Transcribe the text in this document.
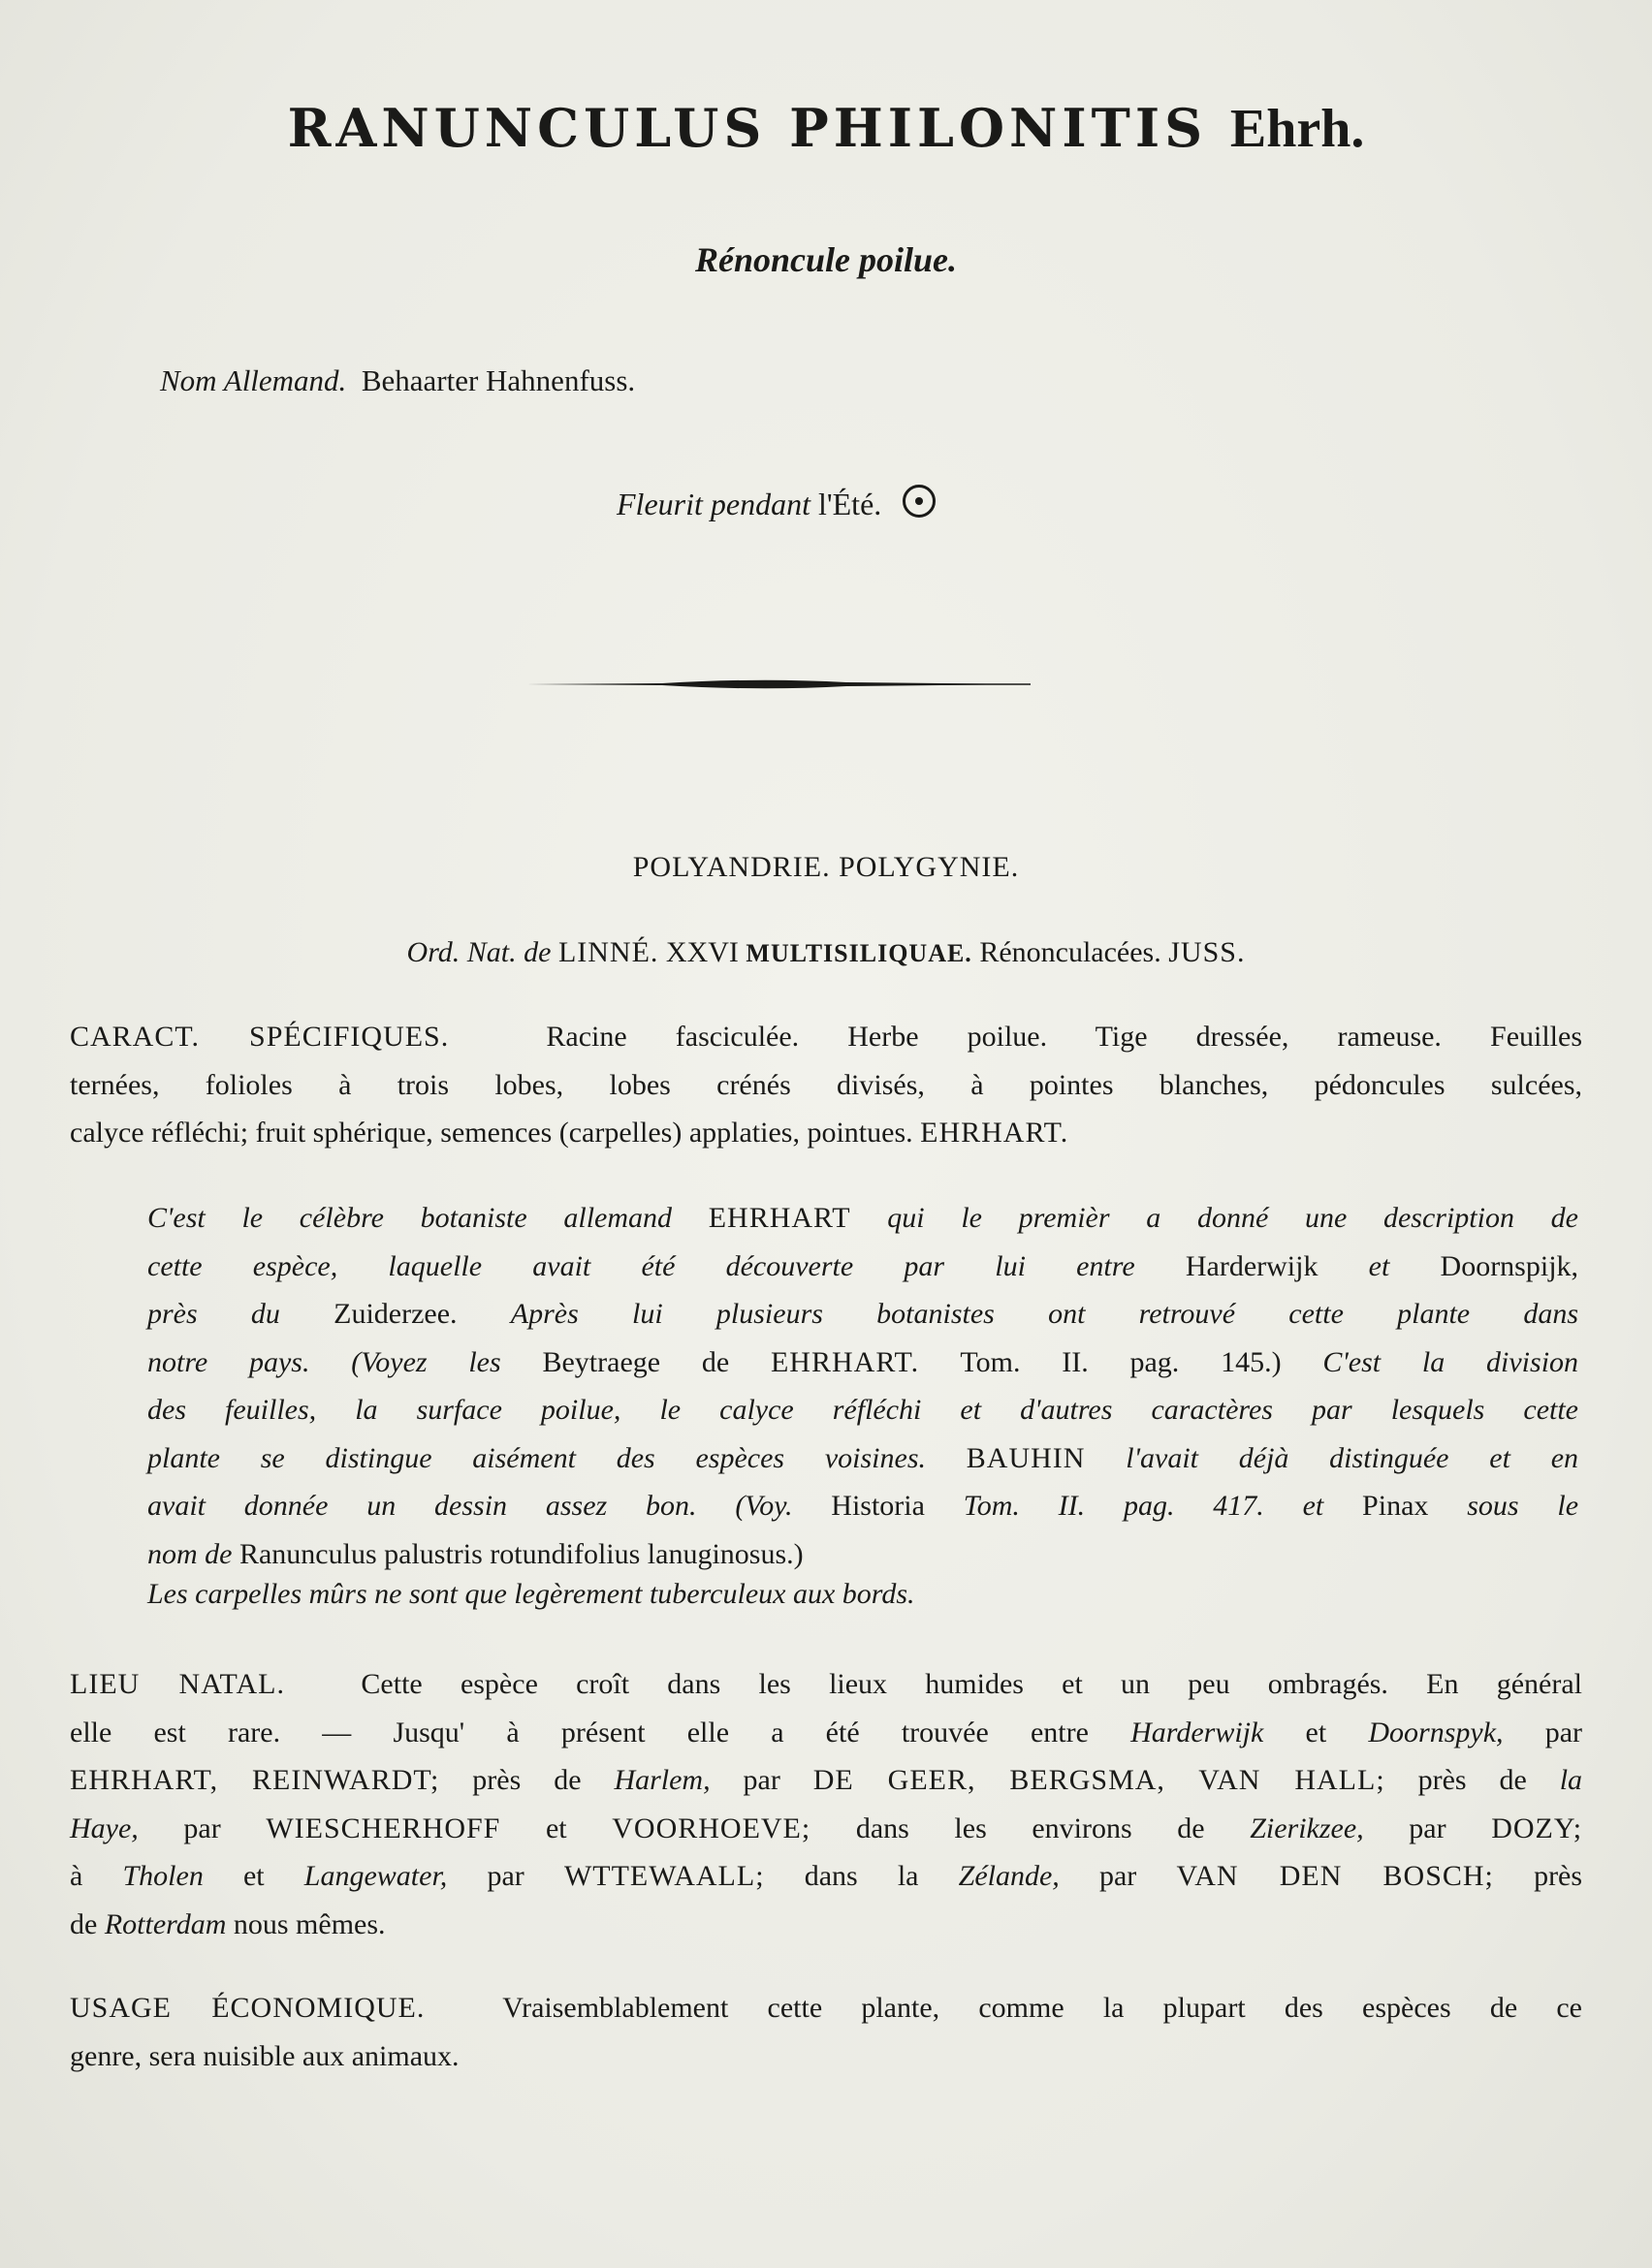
RANUNCULUS PHILONITIS Ehrh.
Rénoncule poilue.
Nom Allemand. Behaarter Hahnenfuss.
Fleurit pendant l'Été.
POLYANDRIE. POLYGYNIE.
Ord. Nat. de LINNÉ. XXVI MULTISILIQUAE. Rénonculacées. JUSS.
CARACT. SPÉCIFIQUES.	Racine fasciculée. Herbe poilue. Tige dressée, rameuse. Feuilles
ternées, folioles à trois lobes, lobes crénés divisés, à pointes blanches, pédoncules sulcées,
calyce réfléchi; fruit sphérique, semences (carpelles) applaties, pointues. EHRHART.
C'est le célèbre botaniste allemand EHRHART qui le premièr a donné une description de
cette espèce, laquelle avait été découverte par lui entre Harderwijk et Doornspijk,
près du Zuiderzee. Après lui plusieurs botanistes ont retrouvé cette plante dans
notre pays. (Voyez les Beytraege de EHRHART. Tom. II. pag. 145.) C'est la division
des feuilles, la surface poilue, le calyce réfléchi et d'autres caractères par lesquels cette
plante se distingue aisément des espèces voisines. BAUHIN l'avait déjà distinguée et en
avait donnée un dessin assez bon. (Voy. Historia Tom. II. pag. 417. et Pinax sous le
nom de Ranunculus palustris rotundifolius lanuginosus.)
Les carpelles mûrs ne sont que legèrement tuberculeux aux bords.
LIEU NATAL.	Cette espèce croît dans les lieux humides et un peu ombragés. En général
elle est rare. — Jusqu' à présent elle a été trouvée entre Harderwijk et Doornspyk, par
EHRHART, REINWARDT; près de Harlem, par DE GEER, BERGSMA, VAN HALL; près de la
Haye, par WIESCHERHOFF et VOORHOEVE; dans les environs de Zierikzee, par DOZY;
à Tholen et Langewater, par WTTEWAALL; dans la Zélande, par VAN DEN BOSCH; près
de Rotterdam nous mêmes.
USAGE ÉCONOMIQUE.	Vraisemblablement cette plante, comme la plupart des espèces de ce
genre, sera nuisible aux animaux.
